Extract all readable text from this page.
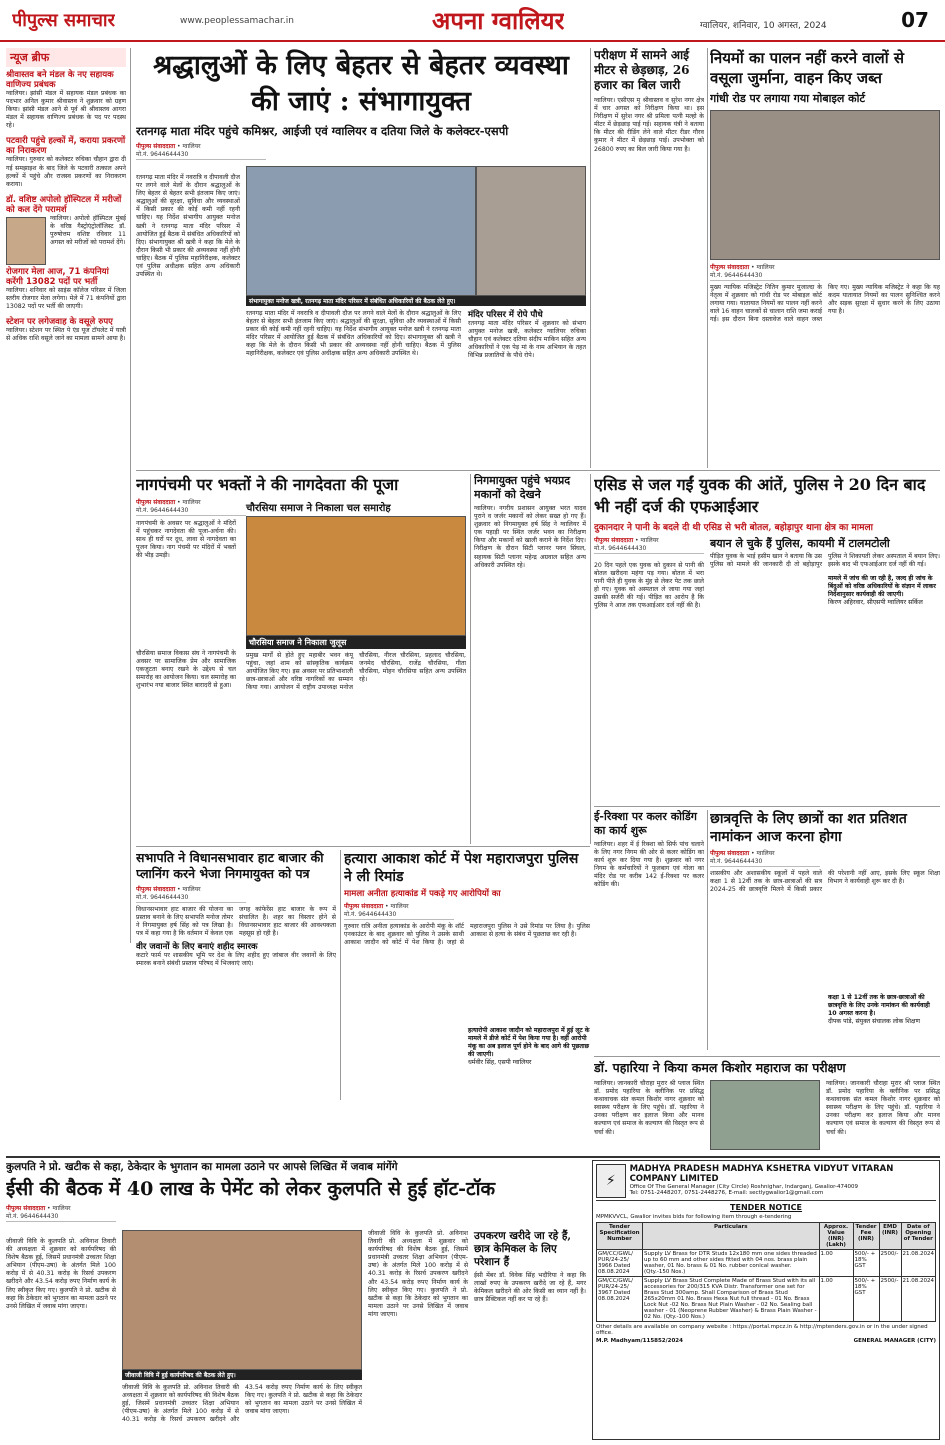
पीपुल्स समाचार	www.peoplessamachar.in	अपना ग्वालियर	ग्वालियर, शनिवार, 10 अगस्त, 2024	07
न्यूज ब्रीफ
श्रीवास्तव बने मंडल के नए सहायक वाणिज्य प्रबंधक
ग्वालियर। झांसी मंडल में सहायक मंडल प्रबंधक का पदभार अनिल कुमार श्रीवास्तव ने शुक्रवार को ग्रहण किया। झांसी मंडल आने से पूर्व श्री श्रीवास्तव आगरा मंडल में सहायक वाणिज्य प्रबंधक के पद पर पदस्थ रहे।
पटवारी पहुंचे हल्कों में, कराया प्रकरणों का निराकरण
ग्वालियर। गुरुवार को कलेक्टर रुचिका चौहान द्वारा दी गई समझाइश के बाद जिले के पटवारी तत्काल अपने हल्कों में पहुंचे और राजस्व प्रकरणों का निराकरण कराया।
डॉ. वशिष्ट अपोलो हॉस्पिटल में मरीजों को कल देंगे परामर्श
ग्वालियर। अपोलो हॉस्पिटल मुंबई के वरिष्ठ गैस्ट्रोएंट्रोलॉजिस्ट डॉ. पुरुषोत्तम वशिष्ट रविवार 11 अगस्त को मरीजों को परामर्श देंगे।
रोजगार मेला आज, 71 कंपनियां करेंगी 13082 पदों पर भर्ती
ग्वालियर। शनिवार को साइंस कॉलेज परिसर में जिला स्तरीय रोजगार मेला लगेगा। मेले में 71 कंपनियों द्वारा 13082 पदों पर भर्ती की जाएगी।
स्टेशन पर लगेजवाह के वसूले रुपए
ग्वालियर। स्टेशन पर स्थित पे एंड यूज टॉयलेट में यात्री से अधिक राशि वसूले जाने का मामला सामने आया है।
श्रद्धालुओं के लिए बेहतर से बेहतर व्यवस्था की जाएं : संभागायुक्त
रतनगढ़ माता मंदिर पहुंचे कमिश्नर, आईजी एवं ग्वालियर व दतिया जिले के कलेक्टर-एसपी
पीपुल्स संवाददाता • ग्वालियर
मो.नं. 9644644430
रतनगढ़ माता मंदिर में नवरात्रि व दीपावली दौज पर लगने वाले मेलों के दौरान श्रद्धालुओं के लिए बेहतर से बेहतर सभी इंतजाम किए जाएं। श्रद्धालुओं की सुरक्षा, सुविधा और व्यवस्थाओं में किसी प्रकार की कोई कमी नहीं रहनी चाहिए। यह निर्देश संभागीय आयुक्त मनोज खत्री ने रतनगढ़ माता मंदिर परिसर में आयोजित हुई बैठक में संबंधित अधिकारियों को दिए। संभागायुक्त श्री खत्री ने कहा कि मेले के दौरान किसी भी प्रकार की अव्यवस्था नहीं होनी चाहिए। बैठक में पुलिस महानिरीक्षक, कलेक्टर एवं पुलिस अधीक्षक सहित अन्य अधिकारी उपस्थित थे।
संभागायुक्त मनोज खत्री, रतनगढ़ माता मंदिर परिसर में संबंधित अधिकारियों की बैठक लेते हुए।
रतनगढ़ माता मंदिर में नवरात्रि व दीपावली दौज पर लगने वाले मेलों के दौरान श्रद्धालुओं के लिए बेहतर से बेहतर सभी इंतजाम किए जाएं। श्रद्धालुओं की सुरक्षा, सुविधा और व्यवस्थाओं में किसी प्रकार की कोई कमी नहीं रहनी चाहिए। यह निर्देश संभागीय आयुक्त मनोज खत्री ने रतनगढ़ माता मंदिर परिसर में आयोजित हुई बैठक में संबंधित अधिकारियों को दिए। संभागायुक्त श्री खत्री ने कहा कि मेले के दौरान किसी भी प्रकार की अव्यवस्था नहीं होनी चाहिए। बैठक में पुलिस महानिरीक्षक, कलेक्टर एवं पुलिस अधीक्षक सहित अन्य अधिकारी उपस्थित थे।
मंदिर परिसर में रोपे पौधे
रतनगढ़ माता मंदिर परिसर में शुक्रवार को संभाग आयुक्त मनोज खत्री, कलेक्टर ग्वालियर रुचिका चौहान एवं कलेक्टर दतिया संदीप माकिन सहित अन्य अधिकारियों ने एक पेड़ मां के नाम अभियान के तहत विभिन्न प्रजातियों के पौधे रोपे।
परीक्षण में सामने आई मीटर से छेड़छाड़, 26 हजार का बिल जारी
ग्वालियर। एसीएस मृ श्रीवास्तव व सुरेश नगर क्षेत्र में चार अगस्त को निरीक्षण किया था। इस निरीक्षण में सुरेश नगर श्री प्रमिला पत्नी मल्हो के मीटर में छेड़छाड़ पाई गई। सहायक यंत्री ने बताया कि मीटर की रीडिंग लेने वाले मीटर रीडर गौरव कुमार ने मीटर में छेड़छाड़ पाई। उपभोक्ता को 26800 रुपए का बिल जारी किया गया है।
नियमों का पालन नहीं करने वालों से वसूला जुर्माना, वाहन किए जब्त
गांधी रोड पर लगाया गया मोबाइल कोर्ट
पीपुल्स संवाददाता • ग्वालियर
मो.नं. 9644644430
मुख्य न्यायिक मजिस्ट्रेट नितिन कुमार मुजाल्दा के नेतृत्व में शुक्रवार को गांधी रोड पर मोबाइल कोर्ट लगाया गया। यातायात नियमों का पालन नहीं करने वाले 16 वाहन चालकों से चालान राशि जमा कराई गई। इस दौरान बिना दस्तावेज वाले वाहन जब्त किए गए। मुख्य न्यायिक मजिस्ट्रेट ने कहा कि यह कदम यातायात नियमों का पालन सुनिश्चित करने और सड़क सुरक्षा में सुधार करने के लिए उठाया गया है।
नागपंचमी पर भक्तों ने की नागदेवता की पूजा
पीपुल्स संवाददाता • ग्वालियर
मो.नं. 9644644430
नागपंचमी के अवसर पर श्रद्धालुओं ने मंदिरों में पहुंचकर नागदेवता की पूजा-अर्चना की। साथ ही घरों पर दूध, लावा से नागदेवता का पूजन किया। नाग पंचमी पर मंदिरों में भक्तों की भीड़ उमड़ी।
चौरसिया समाज ने निकाला चल समारोह
चौरसिया समाज ने निकाला जुलूस
चौरसिया समाज विकास संघ ने नागपंचमी के अवसर पर सामाजिक प्रेम और सामाजिक एकजुटता बनाए रखने के उद्देश्य से चल समारोह का आयोजन किया। चल समारोह का शुभारंभ नया बाजार स्थित बारादरी से हुआ।
प्रमुख मार्गों से होते हुए महाबीर भवन कंपू पहुंचा, जहां शाम को सांस्कृतिक कार्यक्रम आयोजित किए गए। इस अवसर पर प्रतिभाशाली छात्र-छात्राओं और वरिष्ठ नागरिकों का सम्मान किया गया। आयोजन में राष्ट्रीय उपाध्यक्ष मनोज चौरसिया, नीरज चौरसिया, प्रहलाद चौरसिया, जनमेद चौरसिया, राजेंद्र चौरसिया, गीता चौरसिया, मोहन चौरसिया सहित अन्य उपस्थित रहे।
निगमायुक्त पहुंचे भयप्रद मकानों को देखने
ग्वालियर। नगरीय प्रशासन आयुक्त भरत यादव पुराने व जर्जर मकानों को लेकर सख्त हो गए हैं। शुक्रवार को निगमायुक्त हर्ष सिंह ने ग्वालियर में एक पहाड़ी पर स्थित जर्जर भवन का निरीक्षण किया और मकानों को खाली कराने के निर्देश दिए। निरीक्षण के दौरान सिटी प्लानर पवन सिंघल, सहायक सिटी प्लानर महेन्द्र अग्रवाल सहित अन्य अधिकारी उपस्थित रहे।
एसिड से जल गईं युवक की आंतें, पुलिस ने 20 दिन बाद भी नहीं दर्ज की एफआईआर
दुकानदार ने पानी के बदले दी थी एसिड से भरी बोतल, बहोड़ापुर थाना क्षेत्र का मामला
पीपुल्स संवाददाता • ग्वालियर
मो.नं. 9644644430
20 दिन पहले एक युवक को दुकान से पानी की बोतल खरीदना महंगा पड़ गया। बोतल में भरा पानी पीते ही युवक के मुंह से लेकर पेट तक छाले हो गए। युवक को अस्पताल ले जाया गया जहां उसकी सर्जरी की गई। पीड़ित का आरोप है कि पुलिस ने आज तक एफआईआर दर्ज नहीं की है।
बयान ले चुके हैं पुलिस, कायमी में टालमटोली
पीड़ित युवक के भाई हसीम खान ने बताया कि उस पुलिस को मामले की जानकारी दी तो बहोड़ापुर पुलिस ने शिकायती लेकर अस्पताल में बयान लिए। इसके बाद भी एफआईआर दर्ज नहीं की गई।
मामले में जांच की जा रही है, जल्द ही जांच के बिंदुओं को वरिष्ठ अधिकारियों के संज्ञान में लाकर निर्देशानुसार कार्यवाही की जाएगी।
किरण अहिरवार, सीएसपी ग्वालियर सर्किल
ई-रिक्शा पर कलर कोडिंग का कार्य शुरू
ग्वालियर। शहर में ई रिक्शा को सिर्फ पांच चलाने के लिए नगर निगम की ओर से कलर कोडिंग का कार्य शुरू कर दिया गया है। शुक्रवार को नगर निगम के कर्मचारियों ने फूलबाग एवं गोला का मंदिर रोड पर करीब 142 ई-रिक्शा पर कलर कोडिंग की।
छात्रवृत्ति के लिए छात्रों का शत प्रतिशत नामांकन आज करना होगा
पीपुल्स संवाददाता • ग्वालियर
मो.नं. 9644644430
शासकीय और अशासकीय स्कूलों में पहले वाले कक्षा 1 से 12वीं तक के छात्र-छात्राओं की सत्र 2024-25 की छात्रवृत्ति मिलने में किसी प्रकार की परेशानी नहीं आए, इसके लिए स्कूल शिक्षा विभाग ने कार्यवाही शुरू कर दी है।
कक्षा 1 से 12वीं तक के छात्र-छात्राओं की छात्रवृत्ति के लिए उनके नामांकन की कार्यवाही 10 अगस्त करना है।
दीपक पांडे, संयुक्त संचालक लोक शिक्षण
सभापति ने विधानसभावार हाट बाजार की प्लानिंग करने भेजा निगमायुक्त को पत्र
पीपुल्स संवाददाता • ग्वालियर
मो.नं. 9644644430
विधानसभावार हाट बाजार की योजना का प्रस्ताव बनाने के लिए सभापति मनोज तोमर ने निगमायुक्त हर्ष सिंह को पत्र लिखा है। पत्र में कहा गया है कि वर्तमान में केवल एक जगह कांफेरेंस हाट बाजार के रूप में संचालित है। शहर का विस्तार होने से विधानसभावार हाट बाजार की आवश्यकता महसूस हो रही है।
वीर जवानों के लिए बनाएं शहीद स्मारक
कटारे फार्म पर शासकीय भूमि पर देश के लिए शहीद हुए जांबाज वीर जवानों के लिए स्मारक बनाने संबंधी प्रस्ताव परिषद में भिजवाएं जाएं।
हत्यारा आकाश कोर्ट में पेश महाराजपुरा पुलिस ने ली रिमांड
मामला अनीता हत्याकांड में पकड़े गए आरोपियों का
पीपुल्स संवाददाता • ग्वालियर
मो.नं. 9644644430
गुरुवार रात्रि अनीता हत्याकांड के आरोपी मंकू के शॉर्ट एनकाउंटर के बाद शुक्रवार को पुलिस ने उसके साथी आकाश जादौन को कोर्ट में पेश किया है। जहां से महाराजपुरा पुलिस ने उसे रिमांड पर लिया है। पुलिस आकाश से हत्या के संबंध में पूछताछ कर रही है।
हत्यारोपी आकाश जादौन को महाराजपुरा में हुई लूट के मामले में डीजे कोर्ट में पेश किया गया है। वहीं आरोपी मंकू का अब इलाज पूर्ण होने के बाद आगे की पूछताछ की जाएगी।
धर्मवीर सिंह, एसपी ग्वालियर	डॉ. पहारिया ने किया कमल किशोर महाराज का परीक्षण
ग्वालियर। जानकारी चौराहा मुरार श्री प्लाज स्थित डॉ. प्रमोद पहारिया के क्लीनिक पर प्रसिद्ध कथावाचक संत कमल किशोर नागर शुक्रवार को स्वास्थ्य परीक्षण के लिए पहुंचे। डॉ. पहारिया ने उनका परीक्षण कर इलाज किया और मानव कल्याण एवं समाज के कल्याण की विस्तृत रूप से चर्चा की।
ग्वालियर। जानकारी चौराहा मुरार श्री प्लाज स्थित डॉ. प्रमोद पहारिया के क्लीनिक पर प्रसिद्ध कथावाचक संत कमल किशोर नागर शुक्रवार को स्वास्थ्य परीक्षण के लिए पहुंचे। डॉ. पहारिया ने उनका परीक्षण कर इलाज किया और मानव कल्याण एवं समाज के कल्याण की विस्तृत रूप से चर्चा की।
कुलपति ने प्रो. खटीक से कहा, ठेकेदार के भुगतान का मामला उठाने पर आपसे लिखित में जवाब मांगेंगे
ईसी की बैठक में 40 लाख के पेमेंट को लेकर कुलपति से हुई हॉट-टॉक
पीपुल्स संवाददाता • ग्वालियर
मो.नं. 9644644430
जीवाजी विवि के कुलपति प्रो. अविनाश तिवारी की अध्यक्षता में शुक्रवार को कार्यपरिषद की विशेष बैठक हुई, जिसमें प्रधानमंत्री उच्चतर शिक्षा अभियान (पीएम-उषा) के अंतर्गत मिले 100 करोड़ में से 40.31 करोड़ के रिसर्च उपकरण खरीदने और 43.54 करोड़ रुपए निर्माण कार्य के लिए स्वीकृत किए गए। कुलपति ने प्रो. खटीक से कहा कि ठेकेदार को भुगतान का मामला उठाने पर उनसे लिखित में जवाब मांगा जाएगा।
जीवाजी विवि में हुई कार्यपरिषद की बैठक लेते हुए।
जीवाजी विवि के कुलपति प्रो. अविनाश तिवारी की अध्यक्षता में शुक्रवार को कार्यपरिषद की विशेष बैठक हुई, जिसमें प्रधानमंत्री उच्चतर शिक्षा अभियान (पीएम-उषा) के अंतर्गत मिले 100 करोड़ में से 40.31 करोड़ के रिसर्च उपकरण खरीदने और 43.54 करोड़ रुपए निर्माण कार्य के लिए स्वीकृत किए गए। कुलपति ने प्रो. खटीक से कहा कि ठेकेदार को भुगतान का मामला उठाने पर उनसे लिखित में जवाब मांगा जाएगा।
जीवाजी विवि के कुलपति प्रो. अविनाश तिवारी की अध्यक्षता में शुक्रवार को कार्यपरिषद की विशेष बैठक हुई, जिसमें प्रधानमंत्री उच्चतर शिक्षा अभियान (पीएम-उषा) के अंतर्गत मिले 100 करोड़ में से 40.31 करोड़ के रिसर्च उपकरण खरीदने और 43.54 करोड़ रुपए निर्माण कार्य के लिए स्वीकृत किए गए। कुलपति ने प्रो. खटीक से कहा कि ठेकेदार को भुगतान का मामला उठाने पर उनसे लिखित में जवाब मांगा जाएगा।
उपकरण खरीदे जा रहे हैं, छात्र केमिकल के लिए परेशान हैं
ईसी मेंबर डॉ. विवेक सिंह भदौरिया ने कहा कि लाखों रुपए के उपकरण खरीदे जा रहे हैं, मगर केमिकल खरीदने की ओर किसी का ध्यान नहीं है। छात्र प्रैक्टिकल नहीं कर पा रहे हैं।
⚡
MADHYA PRADESH MADHYA KSHETRA VIDYUT VITARAN COMPANY LIMITED
Office Of The General Manager (City Circle) Roshnighar, Indarganj, Gwalior-474009
Tel: 0751-2448207, 0751-2448276, E-mail: sectlygwalior1@gmail.com
TENDER NOTICE
MPMKVVCL, Gwalior invites bids for following item through e-tendering
Tender Specification Number	Particulars	Approx. Value (INR) (Lakh)	Tender Fee (INR)	EMD (INR)	Date of Opening of Tender
GM/CC/GWL/ PUR/24-25/ 3966 Dated 08.08.2024	Supply LV Brass for DTR Studs 12x180 mm one sides threaded up to 60 mm and other sides fitted with 04 nos. brass plain washer, 01 No. brass & 01 No. rubber conical washer. (Qty.-150 Nos.)	1.00	500/- + 18% GST	2500/-	21.08.2024
GM/CC/GWL/ PUR/24-25/ 3967 Dated 08.08.2024	Supply LV Brass Stud Complete Made of Brass Stud with its all accessories for 200/315 KVA Distr. Transformer one set for Brass Stud 300amp. Shall Comparison of Brass Stud 265x20mm 01 No. Brass Hexa Nut full thread - 01 No. Brass Lock Nut -02 No. Brass Nut Plain Washer - 02 No. Sealing ball washer - 01 (Neoprene Rubber Washer) & Brass Plain Washer - 02 No. (Qty.-100 Nos.)	1.00	500/- + 18% GST	2500/-	21.08.2024
Other details are available on company website : https://portal.mpcz.in & http://mptenders.gov.in or in the under signed office.
M.P. Madhyam/115852/2024	GENERAL MANAGER (CITY)
